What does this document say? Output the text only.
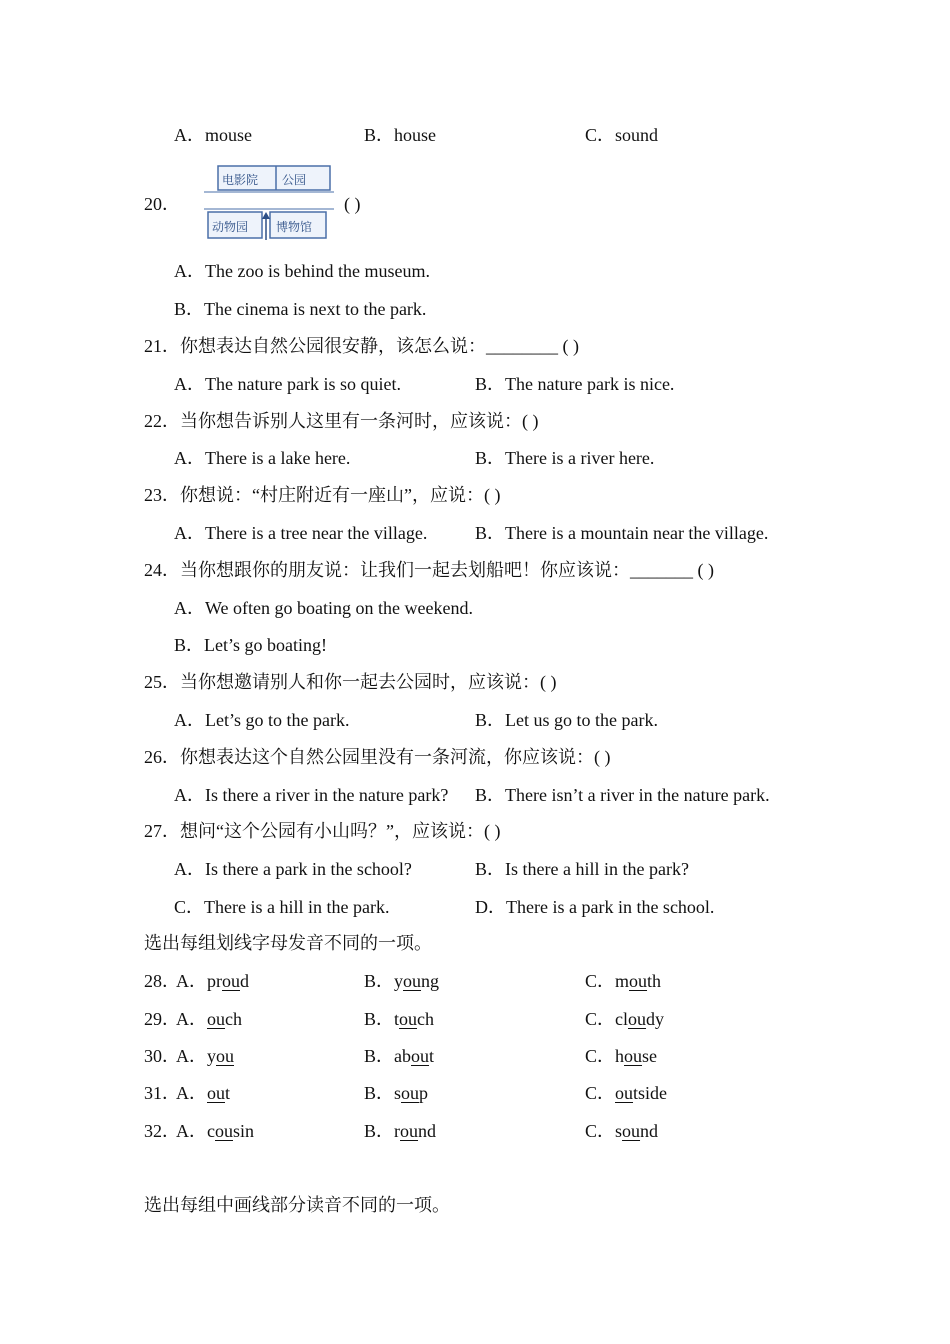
A．mouse	B．house	C．sound
20．
电影院 公园
动物园 博物馆
( )
A．The zoo is behind the museum.
B．The cinema is next to the park.
21．你想表达自然公园很安静，该怎么说：________ ( )
A．The nature park is so quiet.	B．The nature park is nice.
22．当你想告诉别人这里有一条河时，应该说：( )
A．There is a lake here.	B．There is a river here.
23．你想说：“村庄附近有一座山”，应说：( )
A．There is a tree near the village.	B．There is a mountain near the village.
24．当你想跟你的朋友说：让我们一起去划船吧！你应该说：_______ ( )
A．We often go boating on the weekend.
B．Let’s go boating!
25．当你想邀请别人和你一起去公园时，应该说：( )
A．Let’s go to the park.	B．Let us go to the park.
26．你想表达这个自然公园里没有一条河流，你应该说：( )
A．Is there a river in the nature park? B．There isn’t a river in the nature park.
27．想问“这个公园有小山吗？”，应该说：( )
A．Is there a park in the school?	B．Is there a hill in the park?
C．There is a hill in the park.	D．There is a park in the school.
选出每组划线字母发音不同的一项。
28．
A．proud	B．young	C．mouth
29．
A．ouch	B．touch	C．cloudy
30．
A．you	B．about	C．house
31．
A．out	B．soup	C．outside
32．
A．cousin	B．round	C．sound
选出每组中画线部分读音不同的一项。
